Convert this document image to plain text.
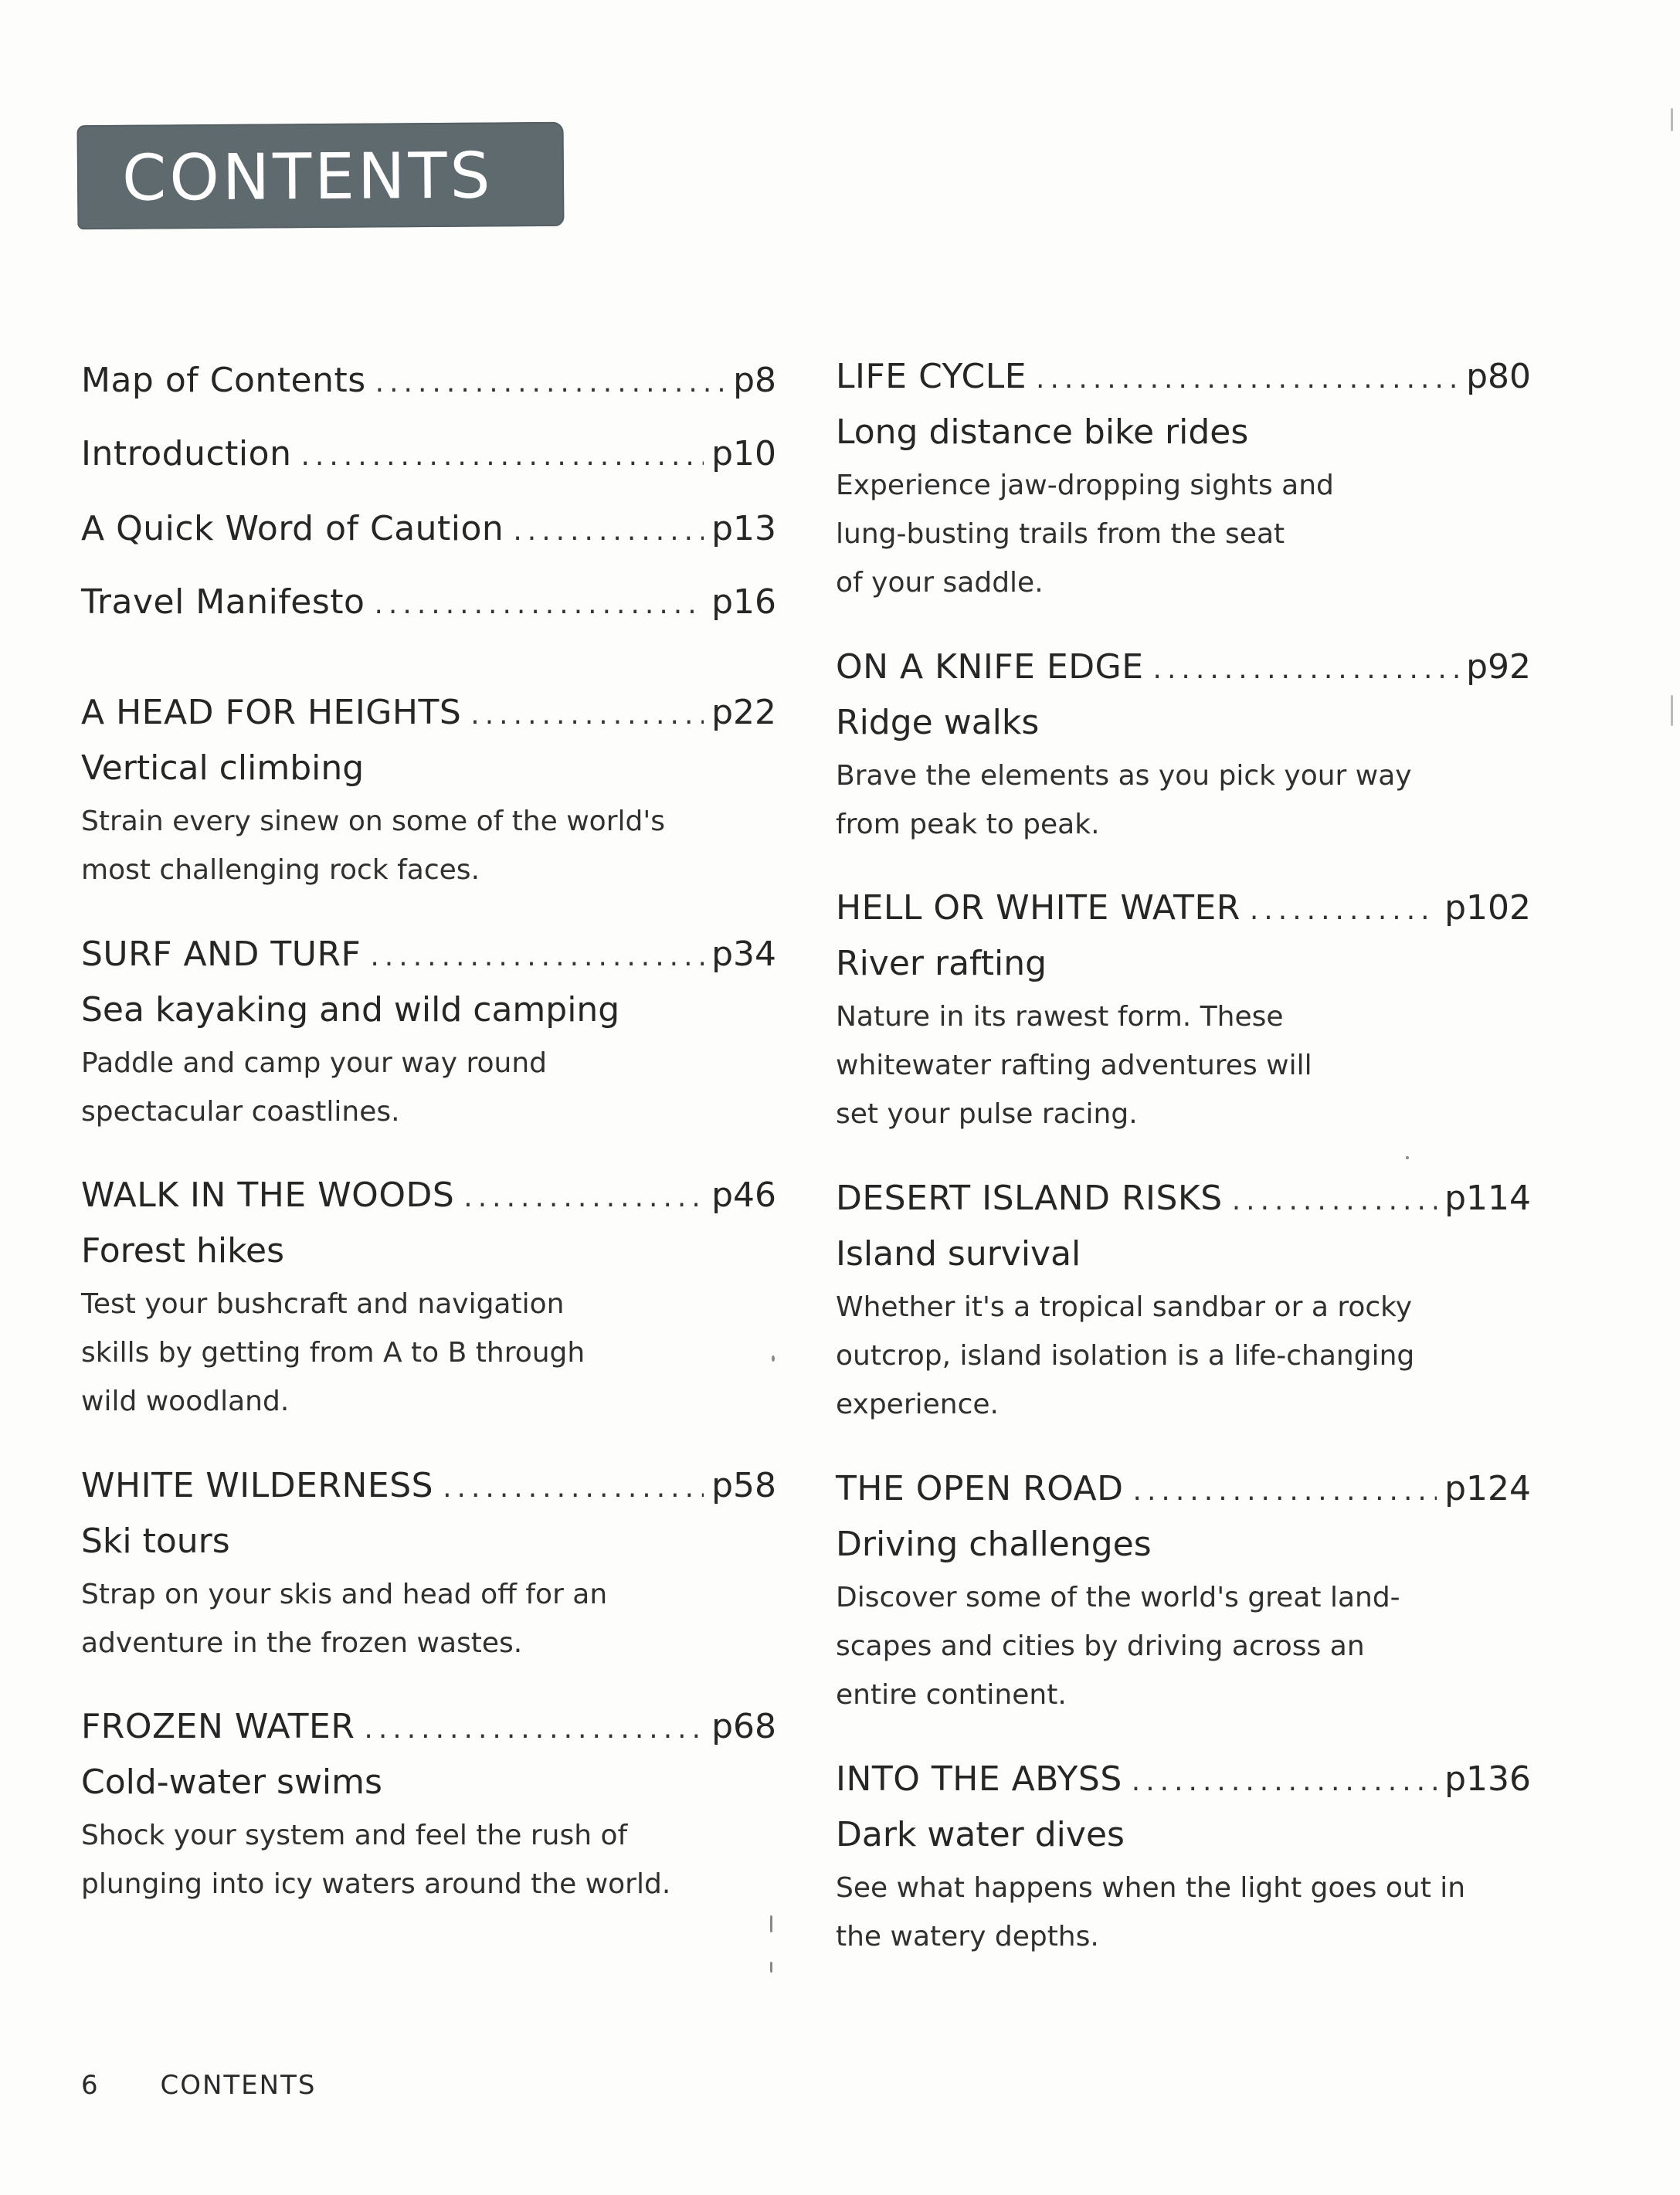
CONTENTS
Map of Contents .....	p8
Introduction .....	p10
A Quick Word of Caution .....	p13
Travel Manifesto .....	p16
A HEAD FOR HEIGHTS .....	p22
Vertical climbing
Strain every sinew on some of the world's
most challenging rock faces.
SURF AND TURF .....	p34
Sea kayaking and wild camping
Paddle and camp your way round
spectacular coastlines.
WALK IN THE WOODS .....	p46
Forest hikes
Test your bushcraft and navigation
skills by getting from A to B through
wild woodland.
WHITE WILDERNESS .....	p58
Ski tours
Strap on your skis and head off for an
adventure in the frozen wastes.
FROZEN WATER .....	p68
Cold-water swims
Shock your system and feel the rush of
plunging into icy waters around the world.
LIFE CYCLE .....	p80
Long distance bike rides
Experience jaw-dropping sights and
lung-busting trails from the seat
of your saddle.
ON A KNIFE EDGE .....	p92
Ridge walks
Brave the elements as you pick your way
from peak to peak.
HELL OR WHITE WATER .....	p102
River rafting
Nature in its rawest form. These
whitewater rafting adventures will
set your pulse racing.
DESERT ISLAND RISKS .....	p114
Island survival
Whether it's a tropical sandbar or a rocky
outcrop, island isolation is a life-changing
experience.
THE OPEN ROAD .....	p124
Driving challenges
Discover some of the world's great land-
scapes and cities by driving across an
entire continent.
INTO THE ABYSS .....	p136
Dark water dives
See what happens when the light goes out in
the watery depths.
6 CONTENTS
